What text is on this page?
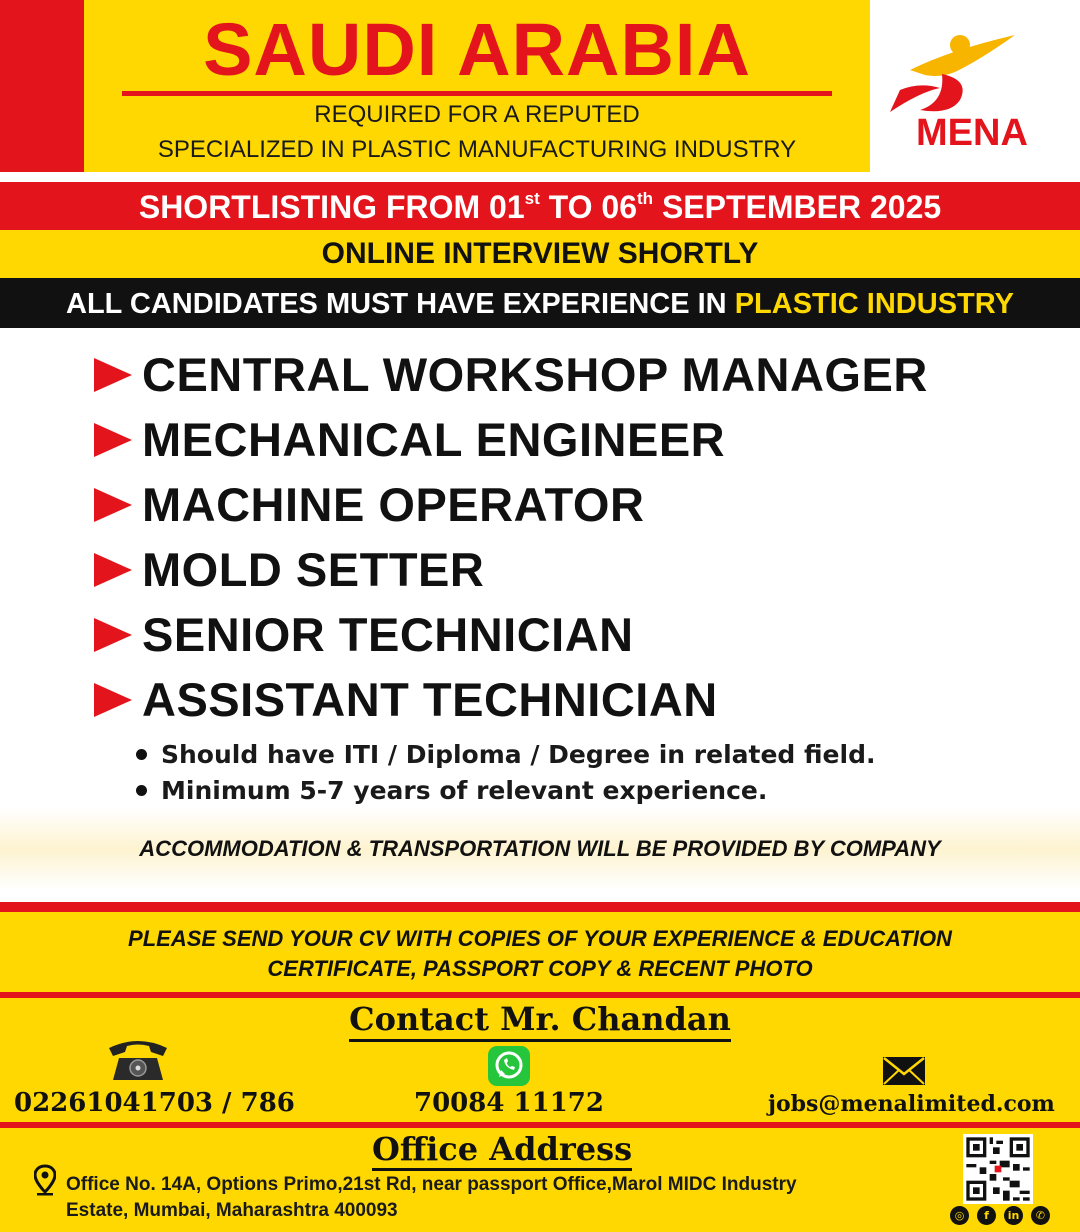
SAUDI ARABIA
REQUIRED FOR A REPUTED
SPECIALIZED IN PLASTIC MANUFACTURING INDUSTRY	MENA
SHORTLISTING FROM 01st TO 06th SEPTEMBER 2025
ONLINE INTERVIEW SHORTLY
ALL CANDIDATES MUST HAVE EXPERIENCE IN PLASTIC INDUSTRY
CENTRAL WORKSHOP MANAGER
MECHANICAL ENGINEER
MACHINE OPERATOR
MOLD SETTER
SENIOR TECHNICIAN
ASSISTANT TECHNICIAN
Should have ITI / Diploma / Degree in related field.
Minimum 5-7 years of relevant experience.
ACCOMMODATION & TRANSPORTATION WILL BE PROVIDED BY COMPANY
PLEASE SEND YOUR CV WITH COPIES OF YOUR EXPERIENCE & EDUCATION
CERTIFICATE, PASSPORT COPY & RECENT PHOTO
Contact Mr. Chandan
02261041703 / 786	70084 11172	jobs@menalimited.com
Office Address
Office No. 14A, Options Primo,21st Rd, near passport Office,Marol MIDC Industry
Estate, Mumbai, Maharashtra 400093	◎	f	in	✆
